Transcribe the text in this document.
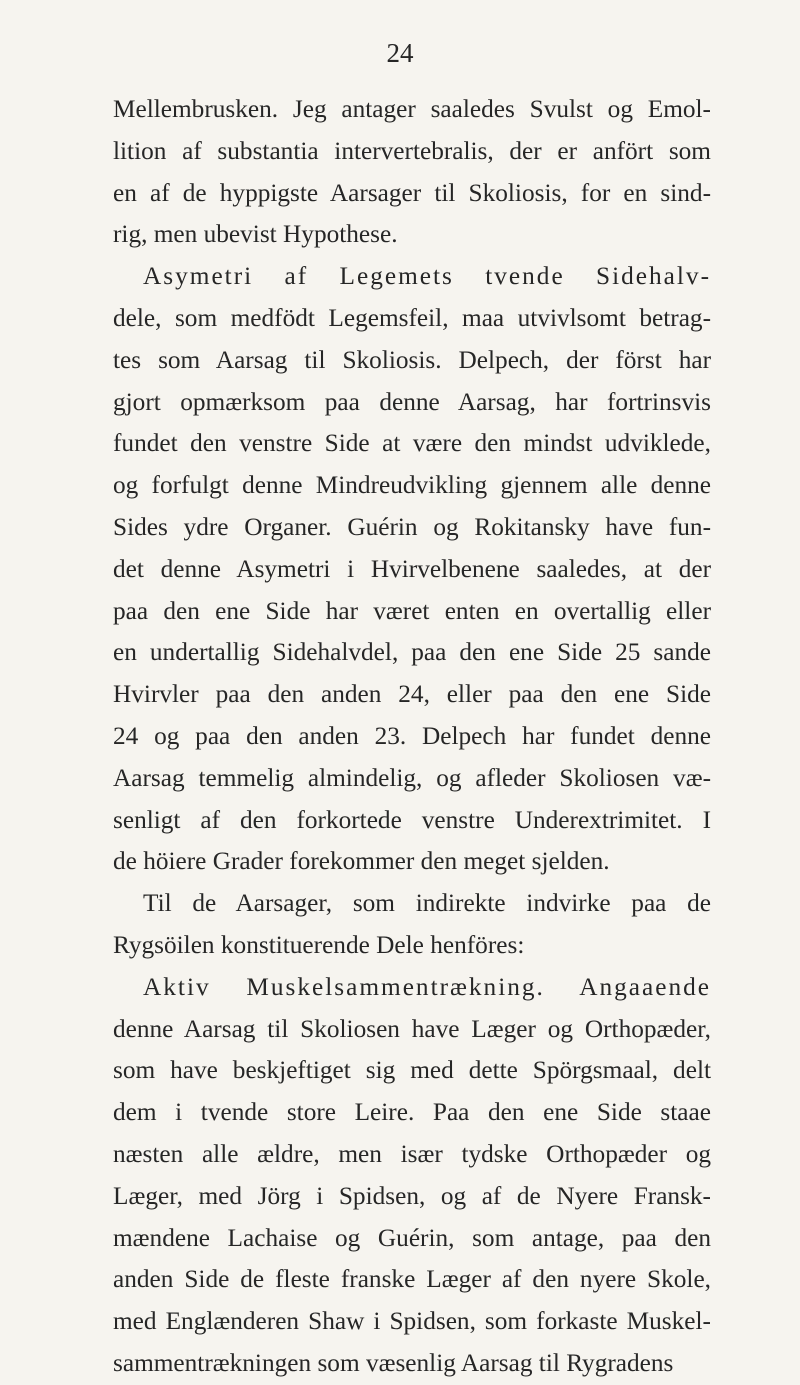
24
Mellembrusken. Jeg antager saaledes Svulst og Emol-
lition af substantia intervertebralis, der er anfört som
en af de hyppigste Aarsager til Skoliosis, for en sind-
rig, men ubevist Hypothese.
Asymetri af Legemets tvende Sidehalv-
dele, som medfödt Legemsfeil, maa utvivlsomt betrag-
tes som Aarsag til Skoliosis. Delpech, der först har
gjort opmærksom paa denne Aarsag, har fortrinsvis
fundet den venstre Side at være den mindst udviklede,
og forfulgt denne Mindreudvikling gjennem alle denne
Sides ydre Organer. Guérin og Rokitansky have fun-
det denne Asymetri i Hvirvelbenene saaledes, at der
paa den ene Side har været enten en overtallig eller
en undertallig Sidehalvdel, paa den ene Side 25 sande
Hvirvler paa den anden 24, eller paa den ene Side
24 og paa den anden 23. Delpech har fundet denne
Aarsag temmelig almindelig, og afleder Skoliosen væ-
senligt af den forkortede venstre Underextrimitet. I
de höiere Grader forekommer den meget sjelden.
Til de Aarsager, som indirekte indvirke paa de
Rygsöilen konstituerende Dele henföres:
Aktiv Muskelsammentrækning. Angaaende
denne Aarsag til Skoliosen have Læger og Orthopæder,
som have beskjeftiget sig med dette Spörgsmaal, delt
dem i tvende store Leire. Paa den ene Side staae
næsten alle ældre, men især tydske Orthopæder og
Læger, med Jörg i Spidsen, og af de Nyere Fransk-
mændene Lachaise og Guérin, som antage, paa den
anden Side de fleste franske Læger af den nyere Skole,
med Englænderen Shaw i Spidsen, som forkaste Muskel-
sammentrækningen som væsenlig Aarsag til Rygradens
